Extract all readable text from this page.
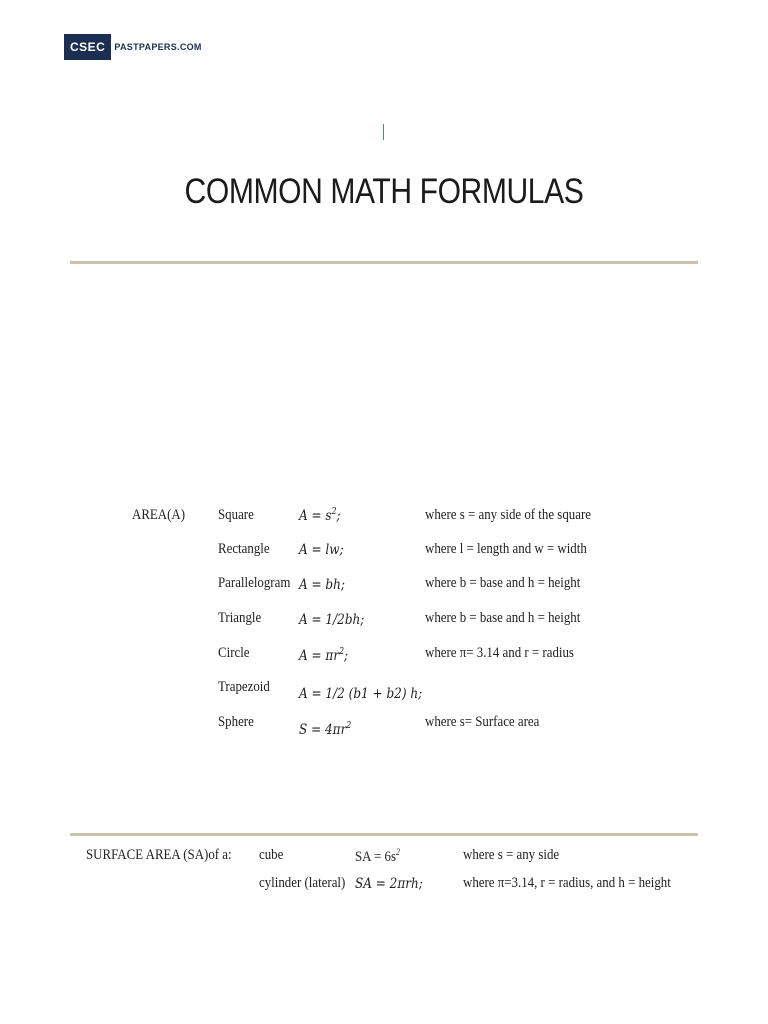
CSEC	PASTPAPERS.COM
COMMON MATH FORMULAS
AREA(A) Square	$A = s^2$;	where s = any side of the square
Rectangle A = lw;	where l = length and w = width
Parallelogram A = bh;	where b = base and h = height
Triangle	A = 1/2bh;	where b = base and h = height
Circle	$A = \pi r^2$;	where π= 3.14 and r = radius
Trapezoid A = 1/2 (b1 + b2) h;
Sphere	$S = 4\pi r^2$	where s= Surface area
SURFACE AREA (SA)of a: cube	SA = $6s^2$	where s = any side
cylinder (lateral) SA = 2πrh;	where π=3.14, r = radius, and h = height
